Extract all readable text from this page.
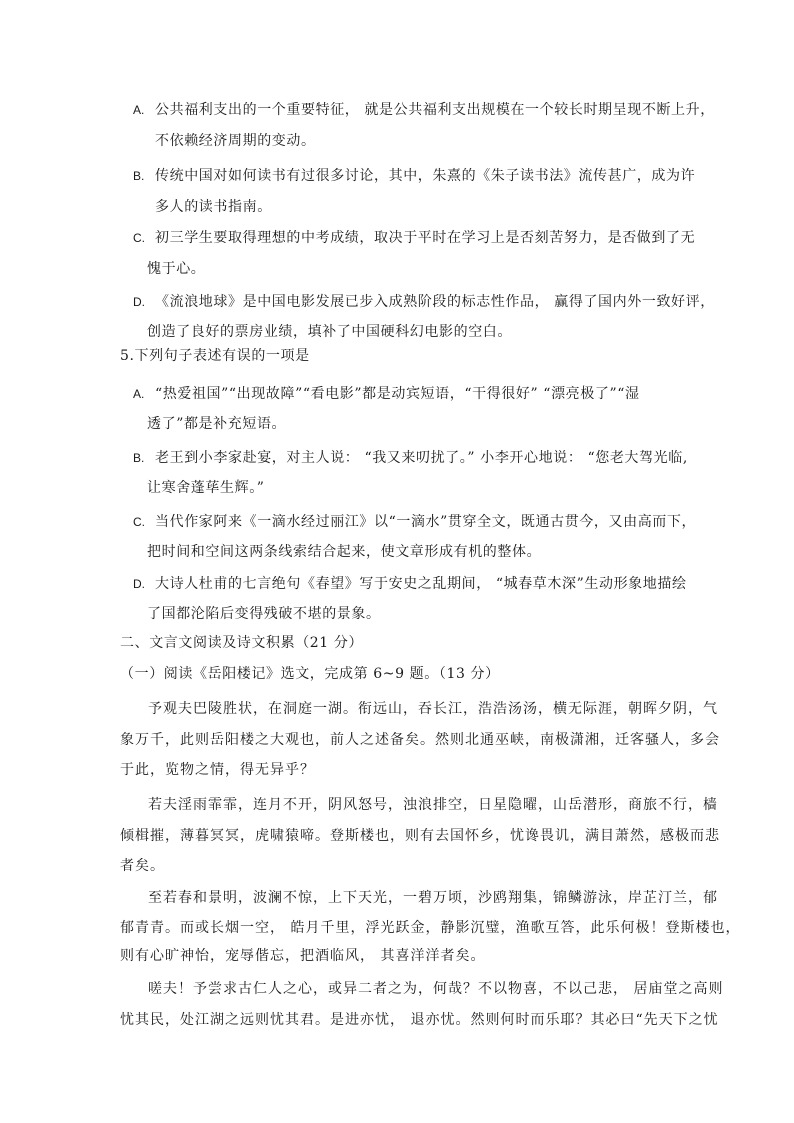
A. 公共福利支出的一个重要特征， 就是公共福利支出规模在一个较长时期呈现不断上升，
不依赖经济周期的变动。
B. 传统中国对如何读书有过很多讨论，其中，朱熹的《朱子读书法》流传甚广，成为许
多人的读书指南。
C. 初三学生要取得理想的中考成绩，取决于平时在学习上是否刻苦努力，是否做到了无
愧于心。
D. 《流浪地球》是中国电影发展已步入成熟阶段的标志性作品， 赢得了国内外一致好评，
创造了良好的票房业绩，填补了中国硬科幻电影的空白。
5.下列句子表述有误的一项是
A. “热爱祖国”“出现故障”“看电影”都是动宾短语，“干得很好” “漂亮极了”“湿
透了”都是补充短语。
B. 老王到小李家赴宴，对主人说： “我又来叨扰了。” 小李开心地说： “您老大驾光临,
让寒舍蓬荜生辉。”
C. 当代作家阿来《一滴水经过丽江》以“一滴水”贯穿全文，既通古贯今，又由高而下，
把时间和空间这两条线索结合起来，使文章形成有机的整体。
D. 大诗人杜甫的七言绝句《春望》写于安史之乱期间， “城春草木深”生动形象地描绘
了国都沦陷后变得残破不堪的景象。
二、文言文阅读及诗文积累（21 分）
（一）阅读《岳阳楼记》选文，完成第 6~9 题。（13 分）
予观夫巴陵胜状，在洞庭一湖。衔远山，吞长江，浩浩汤汤，横无际涯，朝晖夕阴，气
象万千，此则岳阳楼之大观也，前人之述备矣。然则北通巫峡，南极潇湘，迁客骚人，多会
于此，览物之情，得无异乎？
若夫淫雨霏霏，连月不开，阴风怒号，浊浪排空，日星隐曜，山岳潜形，商旅不行，樯
倾楫摧，薄暮冥冥，虎啸猿啼。登斯楼也，则有去国怀乡，忧谗畏讥，满目萧然，感极而悲
者矣。
至若春和景明，波澜不惊，上下天光，一碧万顷，沙鸥翔集，锦鳞游泳，岸芷汀兰，郁
郁青青。而或长烟一空， 皓月千里，浮光跃金，静影沉璧，渔歌互答，此乐何极！登斯楼也，
则有心旷神怡，宠辱偕忘，把酒临风， 其喜洋洋者矣。
嗟夫！予尝求古仁人之心，或异二者之为，何哉？不以物喜，不以己悲， 居庙堂之高则
忧其民，处江湖之远则忧其君。是进亦忧， 退亦忧。然则何时而乐耶？其必曰“先天下之忧
